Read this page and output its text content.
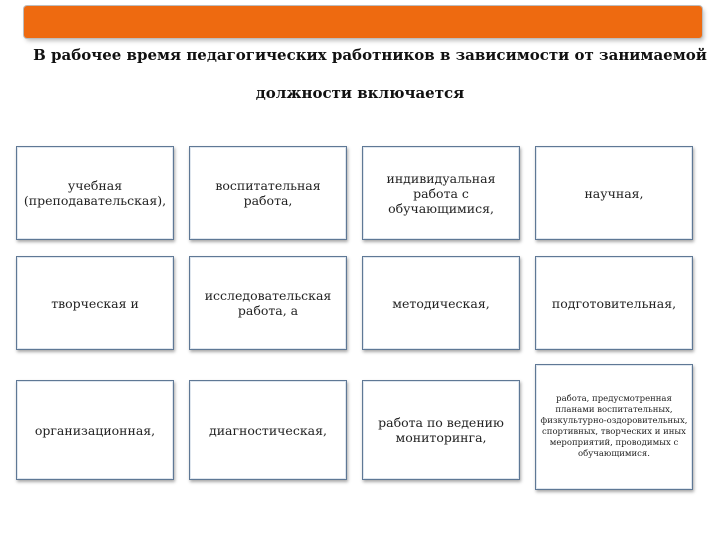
В рабочее время педагогических работников в зависимости от занимаемой
должности включается
учебная (преподавательская),
воспитательная работа,
индивидуальная работа с обучающимися,
научная,
творческая и	исследовательская работа, а	методическая,	подготовительная,
организационная,	диагностическая,	работа по ведению мониторинга,
работа, предусмотренная планами воспитательных, физкультурно-оздоровительных, спортивных, творческих и иных мероприятий, проводимых с обучающимися.
